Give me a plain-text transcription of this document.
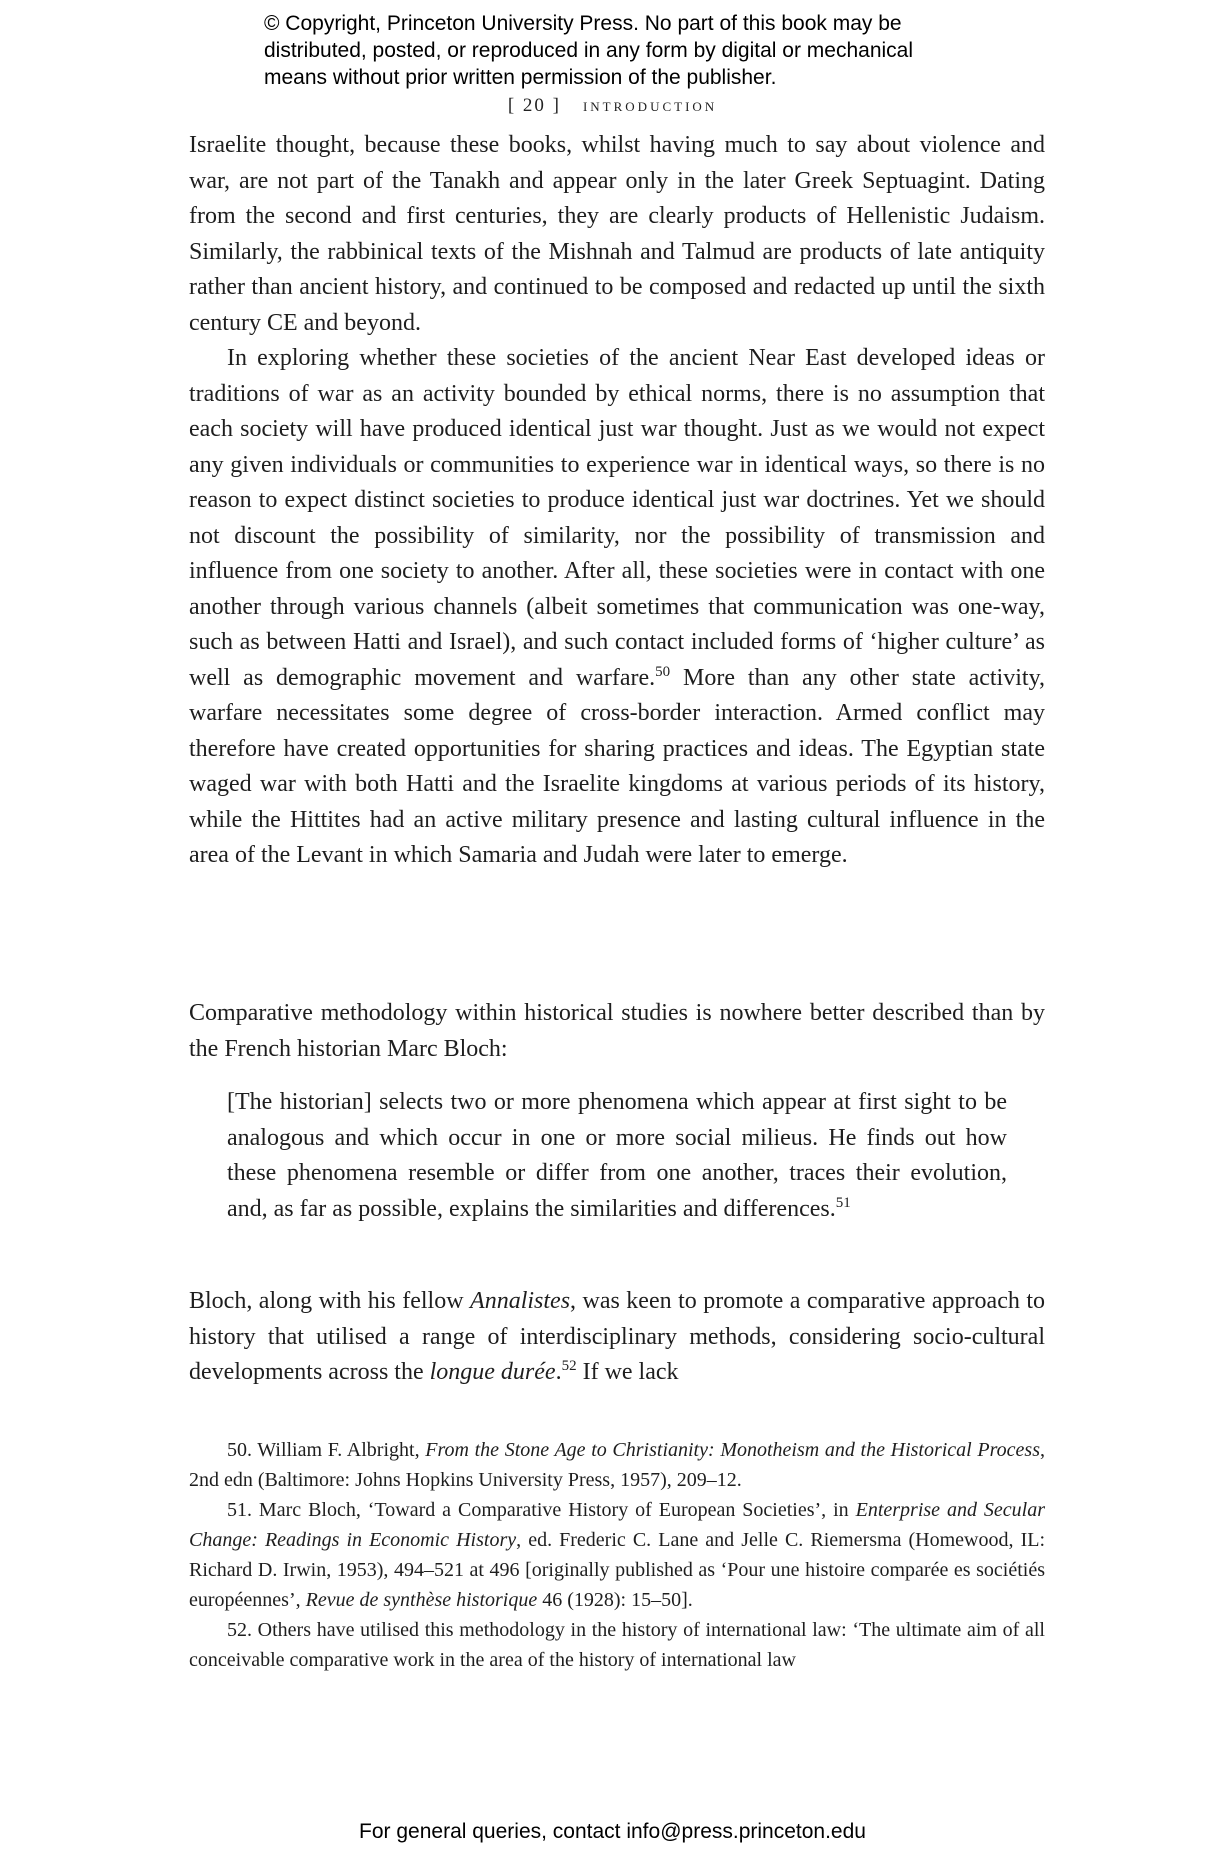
© Copyright, Princeton University Press. No part of this book may be
distributed, posted, or reproduced in any form by digital or mechanical
means without prior written permission of the publisher.
[ 20 ] introduction

Israelite thought, because these books, whilst having much to say about violence and war, are not part of the Tanakh and appear only in the later Greek Septuagint. Dating from the second and first centuries, they are clearly products of Hellenistic Judaism. Similarly, the rabbinical texts of the Mishnah and Talmud are products of late antiquity rather than ancient history, and continued to be composed and redacted up until the sixth century CE and beyond.

In exploring whether these societies of the ancient Near East developed ideas or traditions of war as an activity bounded by ethical norms, there is no assumption that each society will have produced identical just war thought. Just as we would not expect any given individuals or communities to experience war in identical ways, so there is no reason to expect distinct societies to produce identical just war doctrines. Yet we should not discount the possibility of similarity, nor the possibility of transmission and influence from one society to another. After all, these societies were in contact with one another through various channels (albeit sometimes that communication was one-way, such as between Hatti and Israel), and such contact included forms of ‘higher culture’ as well as demographic movement and warfare.$^{50}$ More than any other state activity, warfare necessitates some degree of cross-border interaction. Armed conflict may therefore have created opportunities for sharing practices and ideas. The Egyptian state waged war with both Hatti and the Israelite kingdoms at various periods of its history, while the Hittites had an active military presence and lasting cultural influence in the area of the Levant in which Samaria and Judah were later to emerge.

Comparative methodology within historical studies is nowhere better described than by the French historian Marc Bloch:

[The historian] selects two or more phenomena which appear at first sight to be analogous and which occur in one or more social milieus. He finds out how these phenomena resemble or differ from one another, traces their evolution, and, as far as possible, explains the similarities and differences.$^{51}$

Bloch, along with his fellow Annalistes, was keen to promote a comparative approach to history that utilised a range of interdisciplinary methods, considering socio-cultural developments across the longue durée.$^{52}$ If we lack

50. William F. Albright, From the Stone Age to Christianity: Monotheism and the Historical Process, 2nd edn (Baltimore: Johns Hopkins University Press, 1957), 209–12.

51. Marc Bloch, ‘Toward a Comparative History of European Societies’, in Enterprise and Secular Change: Readings in Economic History, ed. Frederic C. Lane and Jelle C. Riemersma (Homewood, IL: Richard D. Irwin, 1953), 494–521 at 496 [originally published as ‘Pour une histoire comparée es sociétiés européennes’, Revue de synthèse historique 46 (1928): 15–50].

52. Others have utilised this methodology in the history of international law: ‘The ultimate aim of all conceivable comparative work in the area of the history of international law

For general queries, contact info@press.princeton.edu
